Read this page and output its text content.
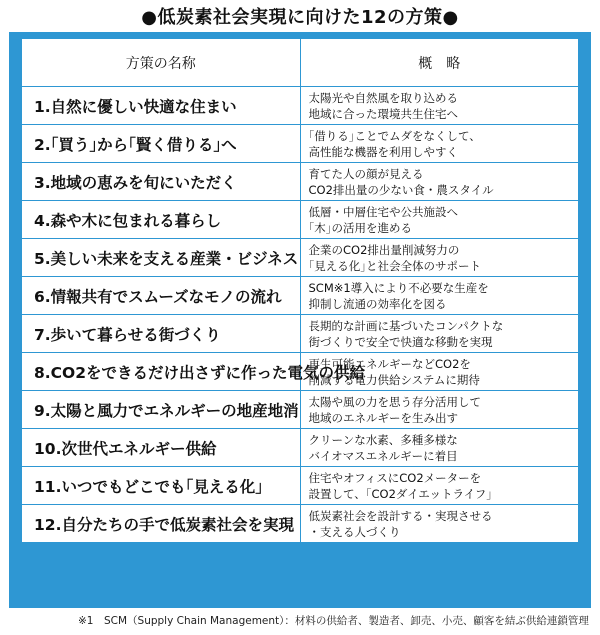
●低炭素社会実現に向けた12の方策●
方策の名称	概　略
1.自然に優しい快適な住まい	太陽光や自然風を取り込める
地域に合った環境共生住宅へ

2.｢買う｣から｢賢く借りる｣へ	｢借りる｣ことでムダをなくして、
高性能な機器を利用しやすく

3.地域の恵みを旬にいただく	育てた人の顔が見える
CO2排出量の少ない食・農スタイル

4.森や木に包まれる暮らし	低層・中層住宅や公共施設へ
｢木｣の活用を進める

5.美しい未来を支える産業・ビジネス	企業のCO2排出量削減努力の
｢見える化｣と社会全体のサポート

6.情報共有でスムーズなモノの流れ	SCM※1導入により不必要な生産を
抑制し流通の効率化を図る

7.歩いて暮らせる街づくり	長期的な計画に基づいたコンパクトな
街づくりで安全で快適な移動を実現

8.CO2をできるだけ出さずに作った電気の供給	再生可能エネルギーなどCO2を
削減する電力供給システムに期待

9.太陽と風力でエネルギーの地産地消	太陽や風の力を思う存分活用して
地域のエネルギーを生み出す

10.次世代エネルギー供給	クリーンな水素、多種多様な
バイオマスエネルギーに着目

11.いつでもどこでも｢見える化｣	住宅やオフィスにCO2メーターを
設置して、｢CO2ダイエットライフ｣

12.自分たちの手で低炭素社会を実現	低炭素社会を設計する・実現させる
・支える人づくり
※1　SCM（Supply Chain Management）：材料の供給者、製造者、卸売、小売、顧客を結ぶ供給連鎖管理
